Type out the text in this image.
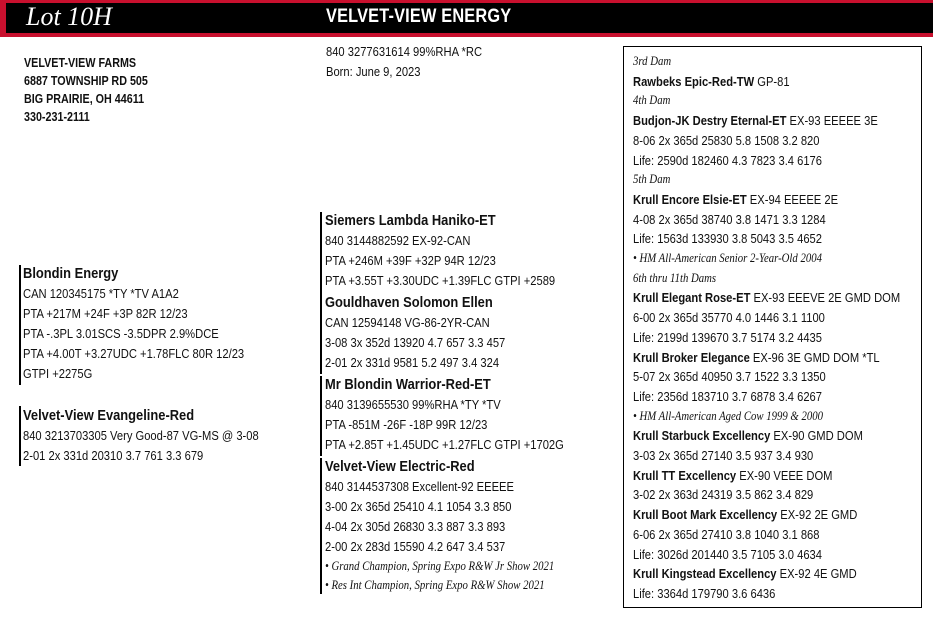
Lot 10H	VELVET-VIEW ENERGY
VELVET-VIEW FARMS
6887 TOWNSHIP RD 505
BIG PRAIRIE, OH 44611
330-231-2111
840 3277631614 99%RHA *RC
Born: June 9, 2023
Blondin Energy
CAN 120345175 *TY *TV A1A2
PTA +217M +24F +3P 82R 12/23
PTA -.3PL 3.01SCS -3.5DPR 2.9%DCE
PTA +4.00T +3.27UDC +1.78FLC 80R 12/23
GTPI +2275G
Velvet-View Evangeline-Red
840 3213703305 Very Good-87 VG-MS @ 3-08
2-01 2x 331d 20310 3.7 761 3.3 679
Siemers Lambda Haniko-ET
840 3144882592 EX-92-CAN
PTA +246M +39F +32P 94R 12/23
PTA +3.55T +3.30UDC +1.39FLC GTPI +2589
Gouldhaven Solomon Ellen
CAN 12594148 VG-86-2YR-CAN
3-08 3x 352d 13920 4.7 657 3.3 457
2-01 2x 331d 9581 5.2 497 3.4 324
Mr Blondin Warrior-Red-ET
840 3139655530 99%RHA *TY *TV
PTA -851M -26F -18P 99R 12/23
PTA +2.85T +1.45UDC +1.27FLC GTPI +1702G
Velvet-View Electric-Red
840 3144537308 Excellent-92 EEEEE
3-00 2x 365d 25410 4.1 1054 3.3 850
4-04 2x 305d 26830 3.3 887 3.3 893
2-00 2x 283d 15590 4.2 647 3.4 537
• Grand Champion, Spring Expo R&W Jr Show 2021
• Res Int Champion, Spring Expo R&W Show 2021
3rd Dam
Rawbeks Epic-Red-TW GP-81
4th Dam
Budjon-JK Destry Eternal-ET EX-93 EEEEE 3E
8-06 2x 365d 25830 5.8 1508 3.2 820
Life: 2590d 182460 4.3 7823 3.4 6176
5th Dam
Krull Encore Elsie-ET EX-94 EEEEE 2E
4-08 2x 365d 38740 3.8 1471 3.3 1284
Life: 1563d 133930 3.8 5043 3.5 4652
• HM All-American Senior 2-Year-Old 2004
6th thru 11th Dams
Krull Elegant Rose-ET EX-93 EEEVE 2E GMD DOM
6-00 2x 365d 35770 4.0 1446 3.1 1100
Life: 2199d 139670 3.7 5174 3.2 4435
Krull Broker Elegance EX-96 3E GMD DOM *TL
5-07 2x 365d 40950 3.7 1522 3.3 1350
Life: 2356d 183710 3.7 6878 3.4 6267
• HM All-American Aged Cow 1999 & 2000
Krull Starbuck Excellency EX-90 GMD DOM
3-03 2x 365d 27140 3.5 937 3.4 930
Krull TT Excellency EX-90 VEEE DOM
3-02 2x 363d 24319 3.5 862 3.4 829
Krull Boot Mark Excellency EX-92 2E GMD
6-06 2x 365d 27410 3.8 1040 3.1 868
Life: 3026d 201440 3.5 7105 3.0 4634
Krull Kingstead Excellency EX-92 4E GMD
Life: 3364d 179790 3.6 6436
